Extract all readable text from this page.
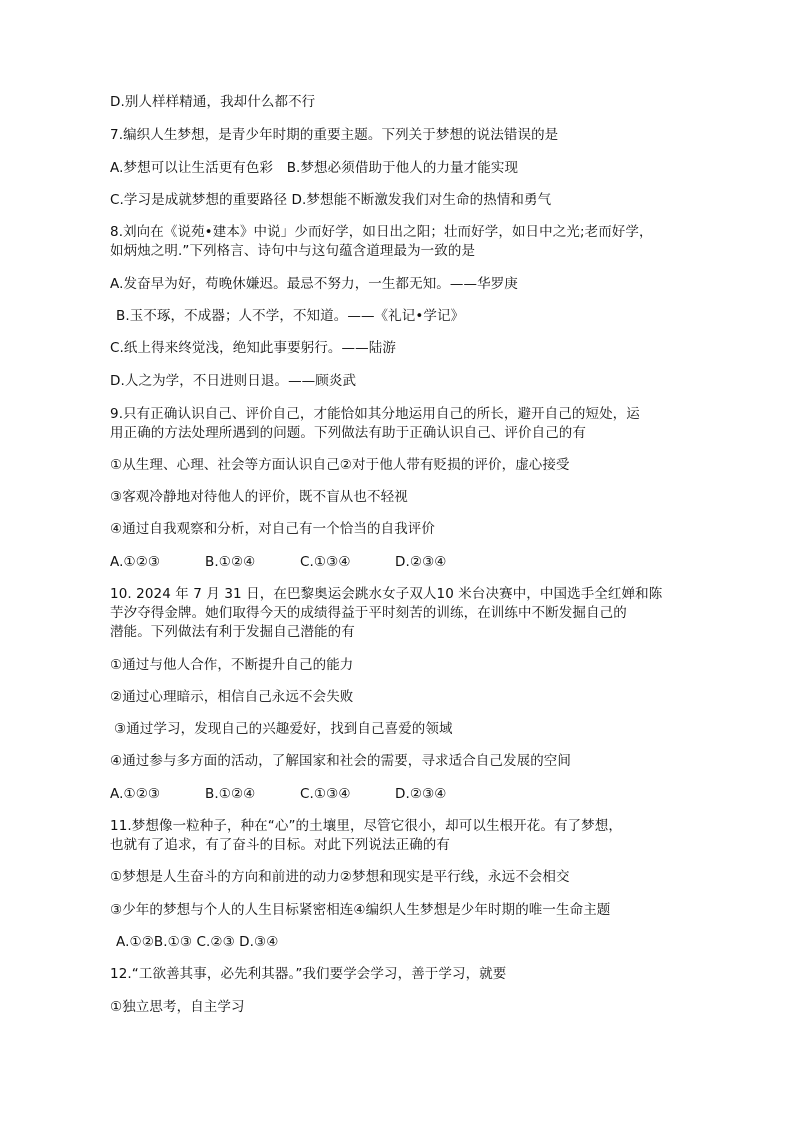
D.别人样样精通，我却什么都不行
7.编织人生梦想，是青少年时期的重要主题。下列关于梦想的说法错误的是
A.梦想可以让生活更有色彩　B.梦想必须借助于他人的力量才能实现
C.学习是成就梦想的重要路径 D.梦想能不断激发我们对生命的热情和勇气
8.刘向在《说苑•建本》中说」少而好学，如日出之阳；壮而好学，如日中之光;老而好学，
如炳烛之明.”下列格言、诗句中与这句蕴含道理最为一致的是
A.发奋早为好，苟晚休嫌迟。最忌不努力，一生都无知。——华罗庚
B.玉不琢，不成器；人不学，不知道。——《礼记•学记》
C.纸上得来终觉浅，绝知此事要躬行。——陆游
D.人之为学，不日进则日退。——顾炎武
9.只有正确认识自己、评价自己，才能恰如其分地运用自己的所长，避开自己的短处，运
用正确的方法处理所遇到的问题。下列做法有助于正确认识自己、评价自己的有
①从生理、心理、社会等方面认识自己②对于他人带有贬损的评价，虚心接受
③客观冷静地对待他人的评价，既不盲从也不轻视
④通过自我观察和分析，对自己有一个恰当的自我评价
A.①②③	B.①②④	C.①③④	D.②③④
10. 2024 年 7 月 31 日，在巴黎奥运会跳水女子双人10 米台决赛中，中国选手全红婵和陈
芋汐夺得金牌。她们取得今天的成绩得益于平时刻苦的训练，在训练中不断发掘自己的
潜能。下列做法有利于发掘自己潜能的有
①通过与他人合作，不断提升自己的能力
②通过心理暗示，相信自己永远不会失败
③通过学习，发现自己的兴趣爱好，找到自己喜爱的领域
④通过参与多方面的活动，了解国家和社会的需要，寻求适合自己发展的空间
A.①②③	B.①②④	C.①③④	D.②③④
11.梦想像一粒种子，种在“心”的土壤里，尽管它很小，却可以生根开花。有了梦想，
也就有了追求，有了奋斗的目标。对此下列说法正确的有
①梦想是人生奋斗的方向和前进的动力②梦想和现实是平行线，永远不会相交
③少年的梦想与个人的人生目标紧密相连④编织人生梦想是少年时期的唯一生命主题
A.①②B.①③ C.②③ D.③④
12.“工欲善其事，必先利其器。”我们要学会学习，善于学习，就要
①独立思考，自主学习
